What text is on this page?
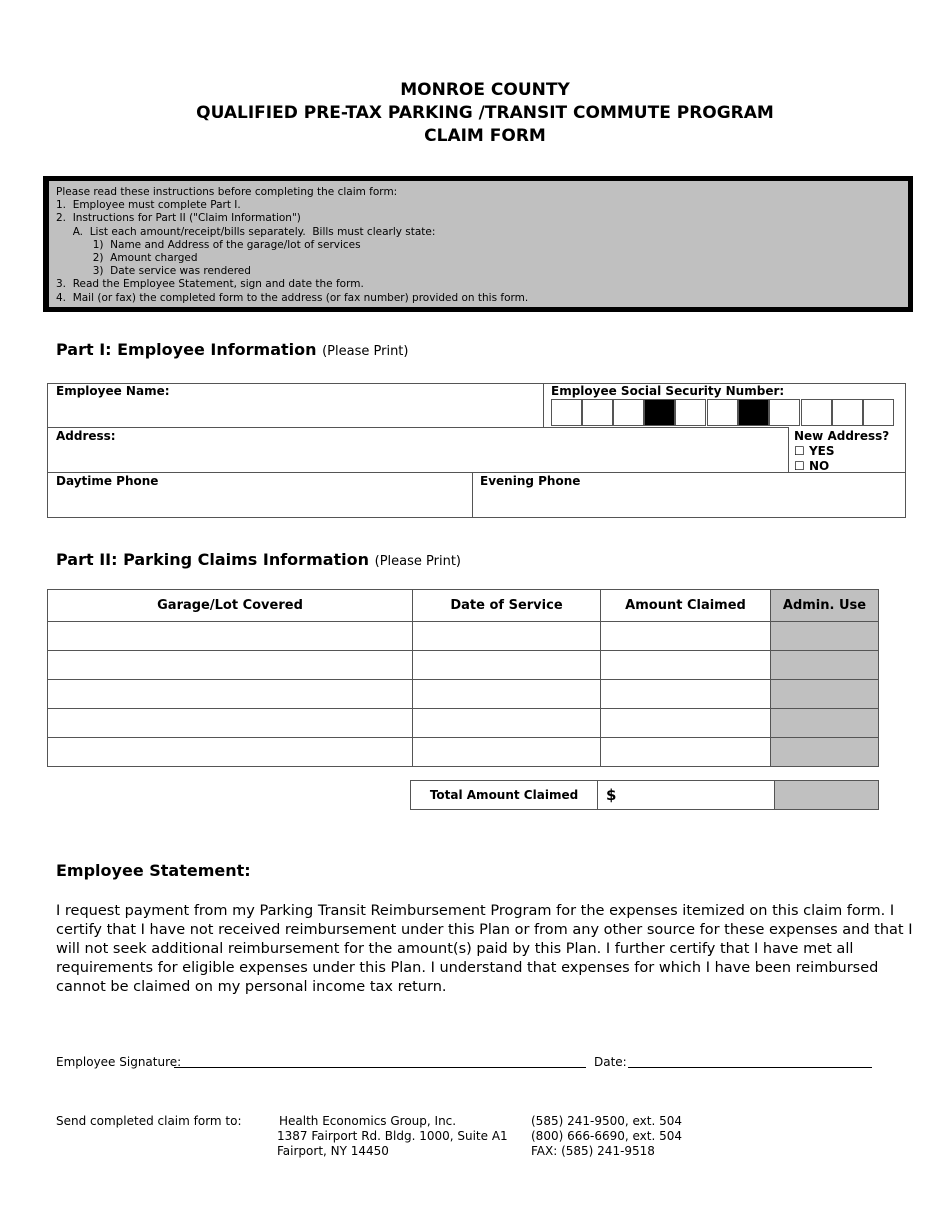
MONROE COUNTY
QUALIFIED PRE-TAX PARKING /TRANSIT COMMUTE PROGRAM
CLAIM FORM
Please read these instructions before completing the claim form:
1.  Employee must complete Part I.
2.  Instructions for Part II ("Claim Information")
A.  List each amount/receipt/bills separately.  Bills must clearly state:
1)  Name and Address of the garage/lot of services
2)  Amount charged
3)  Date service was rendered
3.  Read the Employee Statement, sign and date the form.
4.  Mail (or fax) the completed form to the address (or fax number) provided on this form.
Part I: Employee Information (Please Print)
Employee Name:	Employee Social Security Number:
Address:	New Address?
☐ YES
☐ NO
Daytime Phone	Evening Phone
Part II: Parking Claims Information (Please Print)
Garage/Lot Covered	Date of Service	Amount Claimed	Admin. Use

Total Amount Claimed	$	
Employee Statement:
I request payment from my Parking Transit Reimbursement Program for the expenses itemized on this claim form. I certify that I have not received reimbursement under this Plan or from any other source for these expenses and that I will not seek additional reimbursement for the amount(s) paid by this Plan. I further certify that I have met all requirements for eligible expenses under this Plan. I understand that expenses for which I have been reimbursed cannot be claimed on my personal income tax return.
Employee Signature:	Date:
Send completed claim form to:	Health Economics Group, Inc.
1387 Fairport Rd. Bldg. 1000, Suite A1
Fairport, NY 14450
(585) 241-9500, ext. 504
(800) 666-6690, ext. 504
FAX: (585) 241-9518
